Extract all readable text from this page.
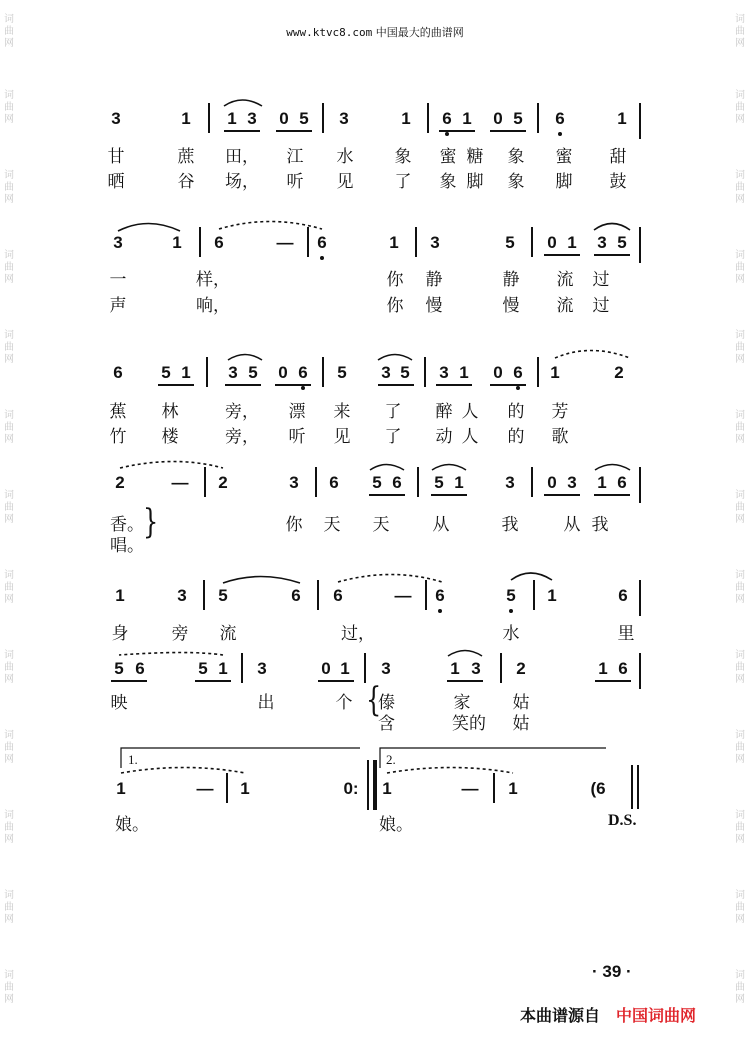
词曲网
词曲网
词曲网
词曲网
词曲网
词曲网
词曲网
词曲网
词曲网
词曲网
词曲网
词曲网
词曲网
词曲网
词曲网
词曲网
词曲网
词曲网
词曲网
词曲网
词曲网
词曲网
词曲网
词曲网
词曲网
词曲网
www.ktvc8.com 中国最大的曲谱网
3	1 1 3 0 5 3	1 6 1 0 5 6	1
甘	蔗 田， 江 水 象 蜜 糖 象 蜜 甜
晒	谷 场， 听 见 了 象 脚 象 脚 鼓
3	1 6	— 6	1 3	5 0 1 3 5
一	样，	你 静	静 流 过
声	响，	你 慢	慢 流 过
6 5 1 3 5 0 6 5 3 5 3 1 0 6 1	2
蕉 林	旁， 漂 来 了 醉 人 的 芳
竹 楼	旁， 听 见 了 动 人 的 歌
2	— 2	3 6 5 6 5 1 3 0 3 1 6
香。 }	你 天 天	从	我	从 我
唱。
1	3 5	6 6	— 6	5 1	6
身	旁 流	过，	水	里
5 6	5 1 3	0 1 3	1 3 2	1 6
映	出	个 {
傣	家 姑
含	笑的 姑
1.	2.
1	— 1	0: 1	— 1	(6
娘。	娘。	D.S.
· 39 ·
本曲谱源自 中国词曲网
